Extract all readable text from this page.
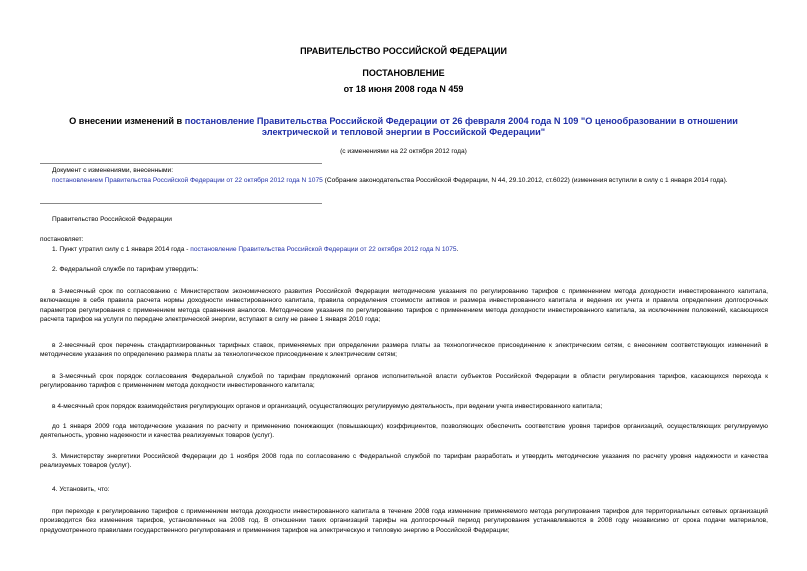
ПРАВИТЕЛЬСТВО РОССИЙСКОЙ ФЕДЕРАЦИИ
ПОСТАНОВЛЕНИЕ
от 18 июня 2008 года N 459
О внесении изменений в постановление Правительства Российской Федерации от 26 февраля 2004 года N 109 "О ценообразовании в отношении электрической и тепловой энергии в Российской Федерации"
(с изменениями на 22 октября 2012 года)
Документ с изменениями, внесенными:
постановлением Правительства Российской Федерации от 22 октября 2012 года N 1075 (Собрание законодательства Российской Федерации, N 44, 29.10.2012, ст.6022) (изменения вступили в силу с 1 января 2014 года).
Правительство Российской Федерации
постановляет:
1. Пункт утратил силу с 1 января 2014 года - постановление Правительства Российской Федерации от 22 октября 2012 года N 1075.
2. Федеральной службе по тарифам утвердить:
в 3-месячный срок по согласованию с Министерством экономического развития Российской Федерации методические указания по регулированию тарифов с применением метода доходности инвестированного капитала, включающие в себя правила расчета нормы доходности инвестированного капитала, правила определения стоимости активов и размера инвестированного капитала и ведения их учета и правила определения долгосрочных параметров регулирования с применением метода сравнения аналогов. Методические указания по регулированию тарифов с применением метода доходности инвестированного капитала, за исключением положений, касающихся расчета тарифов на услуги по передаче электрической энергии, вступают в силу не ранее 1 января 2010 года;
в 2-месячный срок перечень стандартизированных тарифных ставок, применяемых при определении размера платы за технологическое присоединение к электрическим сетям, с внесением соответствующих изменений в методические указания по определению размера платы за технологическое присоединение к электрическим сетям;
в 3-месячный срок порядок согласования Федеральной службой по тарифам предложений органов исполнительной власти субъектов Российской Федерации в области регулирования тарифов, касающихся перехода к регулированию тарифов с применением метода доходности инвестированного капитала;
в 4-месячный срок порядок взаимодействия регулирующих органов и организаций, осуществляющих регулируемую деятельность, при ведении учета инвестированного капитала;
до 1 января 2009 года методические указания по расчету и применению понижающих (повышающих) коэффициентов, позволяющих обеспечить соответствие уровня тарифов организаций, осуществляющих регулируемую деятельность, уровню надежности и качества реализуемых товаров (услуг).
3. Министерству энергетики Российской Федерации до 1 ноября 2008 года по согласованию с Федеральной службой по тарифам разработать и утвердить методические указания по расчету уровня надежности и качества реализуемых товаров (услуг).
4. Установить, что:
при переходе к регулированию тарифов с применением метода доходности инвестированного капитала в течение 2008 года изменение применяемого метода регулирования тарифов для территориальных сетевых организаций производится без изменения тарифов, установленных на 2008 год. В отношении таких организаций тарифы на долгосрочный период регулирования устанавливаются в 2008 году независимо от срока подачи материалов, предусмотренного правилами государственного регулирования и применения тарифов на электрическую и тепловую энергию в Российской Федерации;
